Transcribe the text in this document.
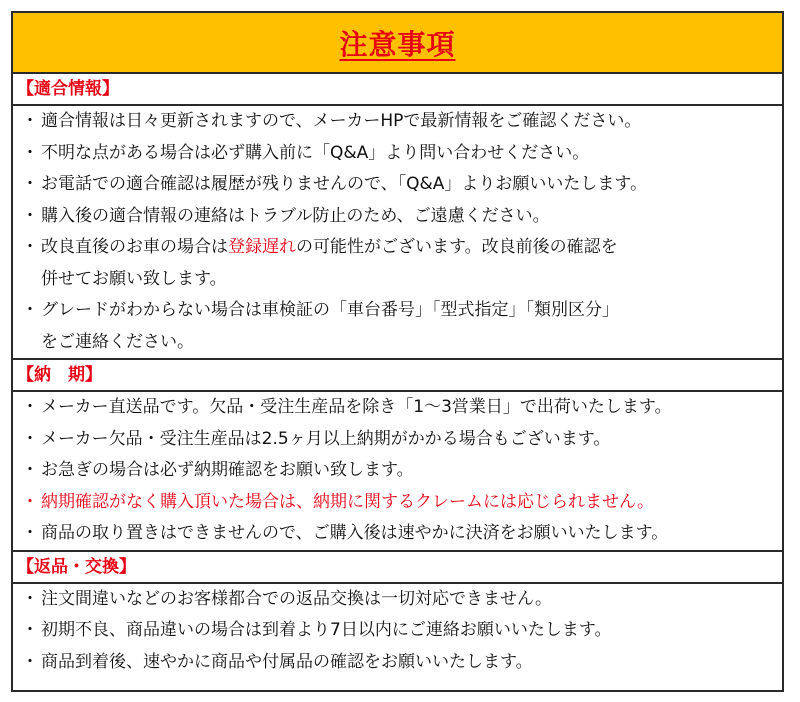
注意事項
【適合情報】
・ 適合情報は日々更新されますので、メーカーHPで最新情報をご確認ください。
・ 不明な点がある場合は必ず購入前に「Q&A」より問い合わせください。
・ お電話での適合確認は履歴が残りませんので、「Q&A」よりお願いいたします。
・ 購入後の適合情報の連絡はトラブル防止のため、ご遠慮ください。
・ 改良直後のお車の場合は登録遅れの可能性がございます。改良前後の確認を
併せてお願い致します。
・ グレードがわからない場合は車検証の「車台番号」「型式指定」「類別区分」
をご連絡ください。
【納　期】
・ メーカー直送品です。欠品・受注生産品を除き「1〜3営業日」で出荷いたします。
・ メーカー欠品・受注生産品は2.5ヶ月以上納期がかかる場合もございます。
・ お急ぎの場合は必ず納期確認をお願い致します。
・ 納期確認がなく購入頂いた場合は、納期に関するクレームには応じられません。
・ 商品の取り置きはできませんので、ご購入後は速やかに決済をお願いいたします。
【返品・交換】
・ 注文間違いなどのお客様都合での返品交換は一切対応できません。
・ 初期不良、商品違いの場合は到着より7日以内にご連絡お願いいたします。
・ 商品到着後、速やかに商品や付属品の確認をお願いいたします。
